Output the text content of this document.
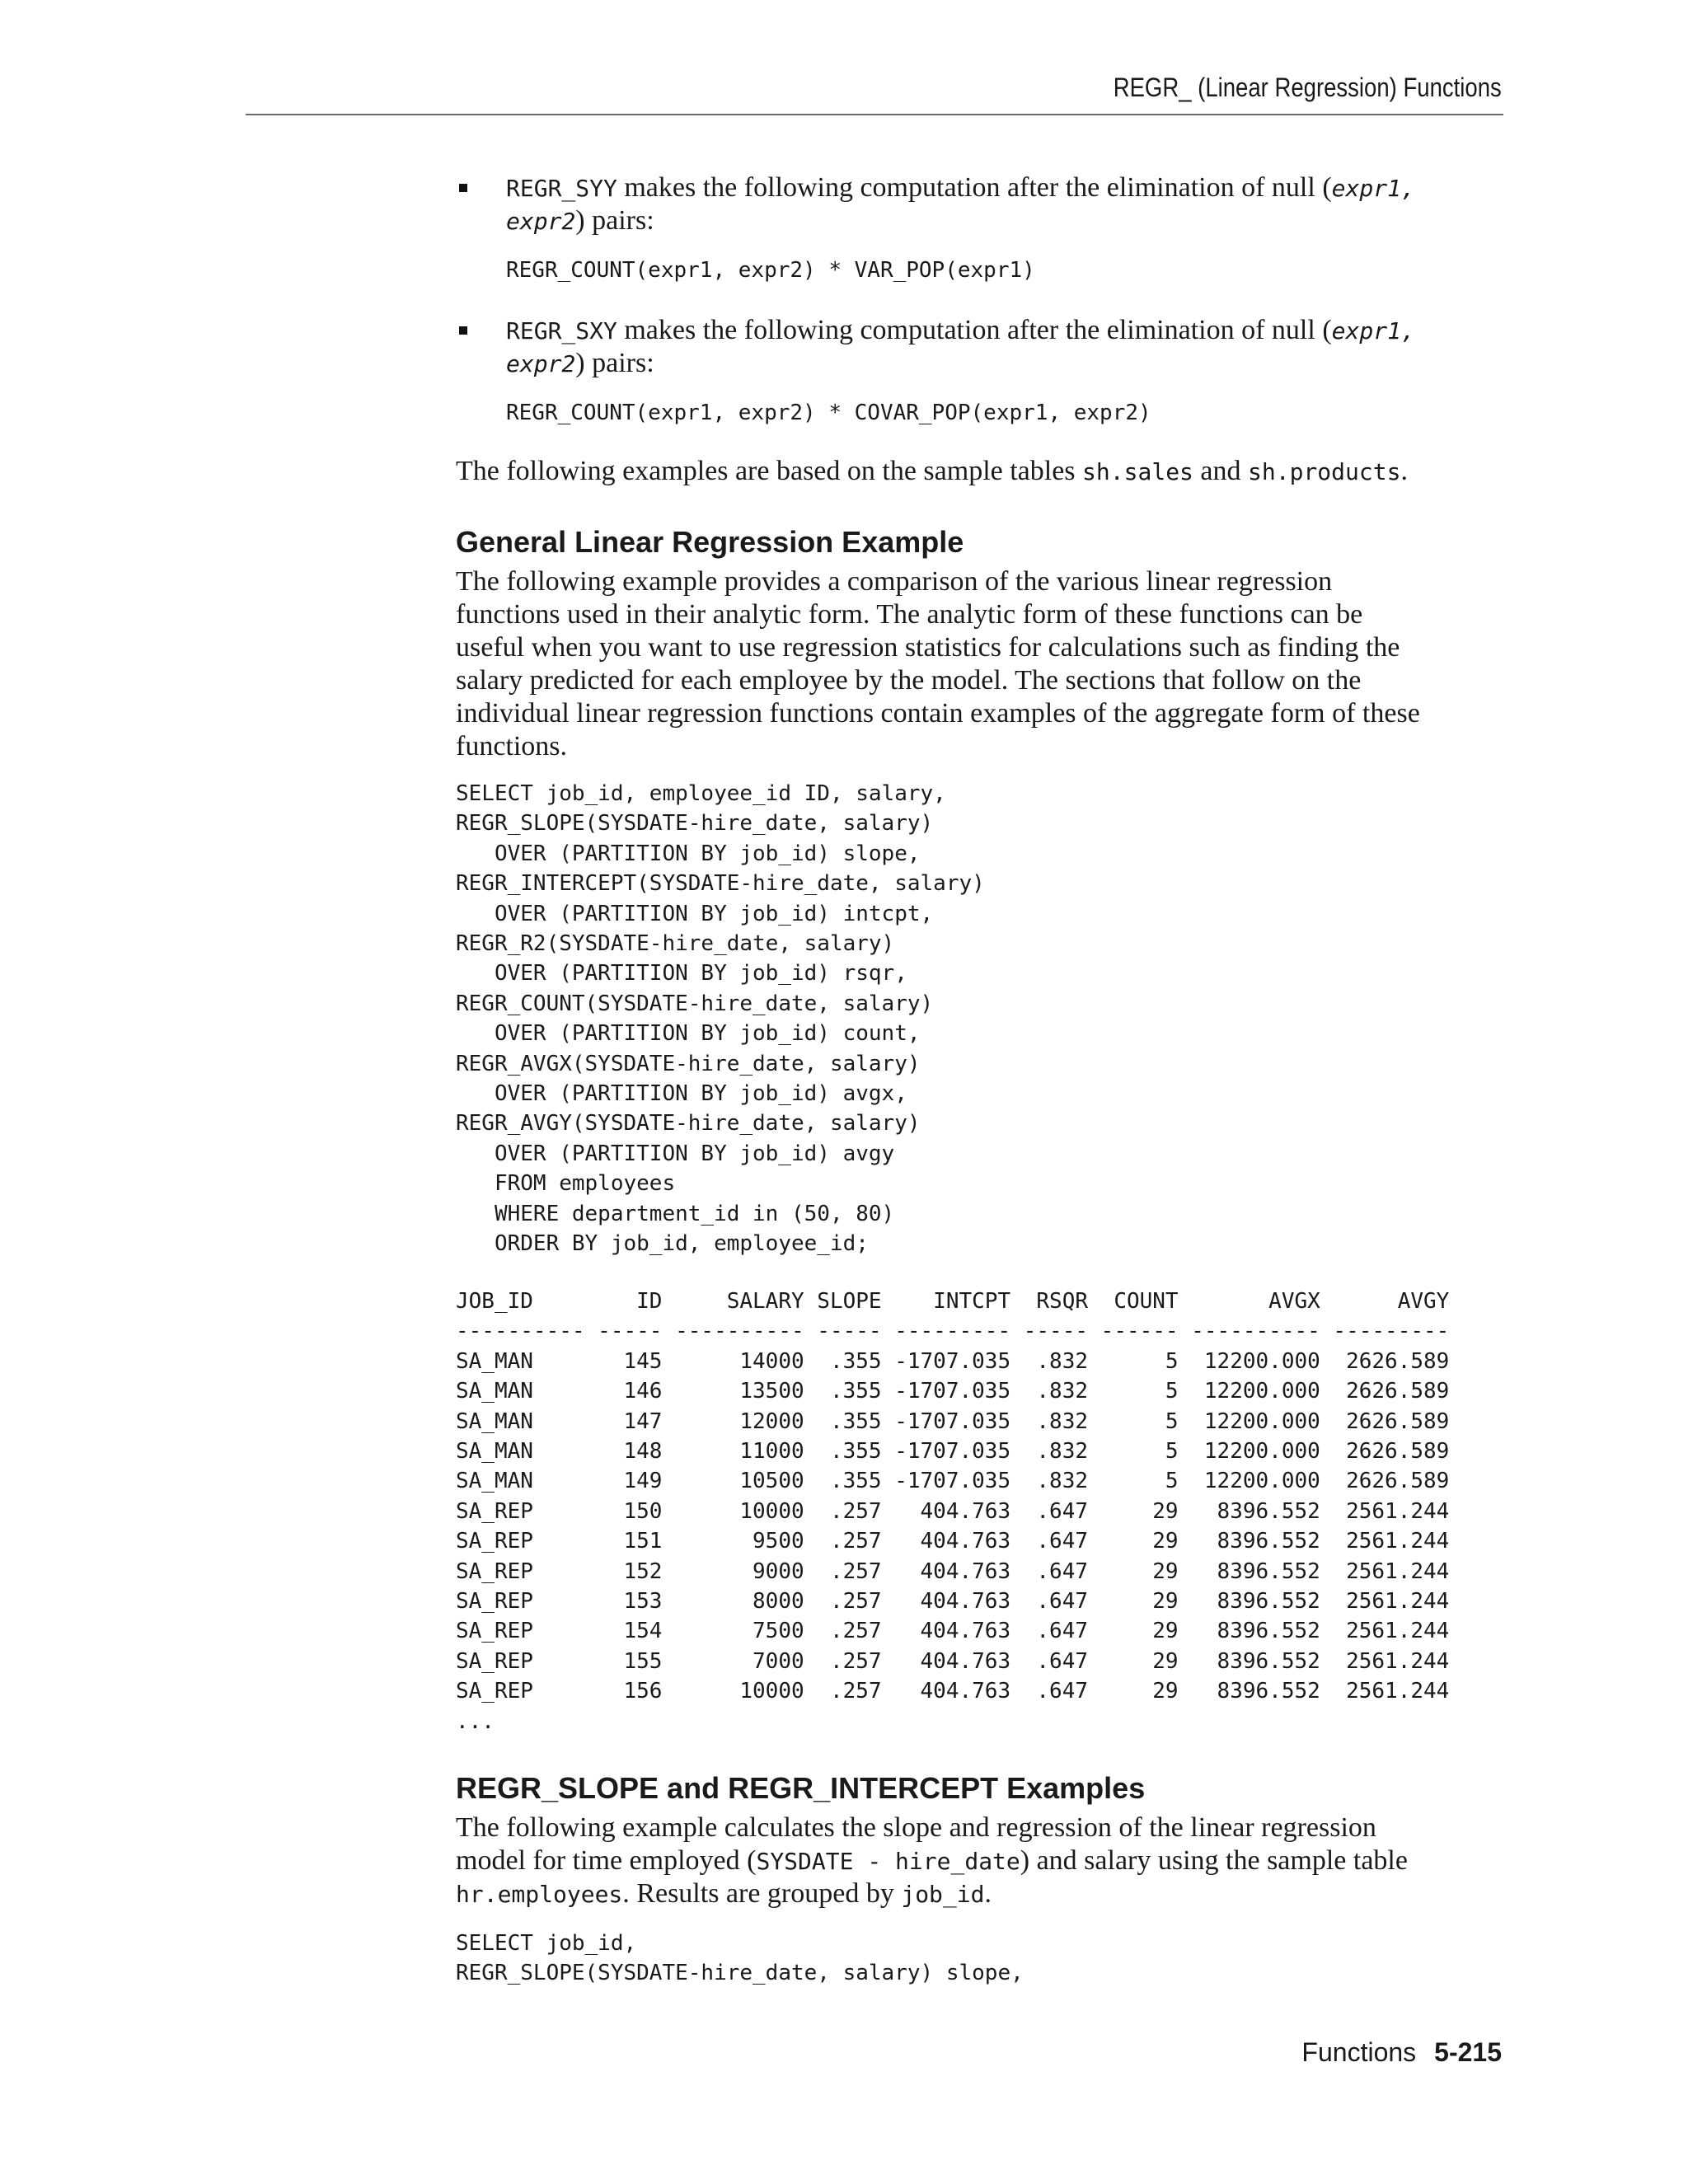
REGR_ (Linear Regression) Functions

REGR_SYY makes the following computation after the elimination of null (expr1,

expr2) pairs:

REGR_COUNT(expr1, expr2) * VAR_POP(expr1)

REGR_SXY makes the following computation after the elimination of null (expr1,

expr2) pairs:

REGR_COUNT(expr1, expr2) * COVAR_POP(expr1, expr2)

The following examples are based on the sample tables sh.sales and sh.products.

General Linear Regression Example

The following example provides a comparison of the various linear regression

functions used in their analytic form. The analytic form of these functions can be

useful when you want to use regression statistics for calculations such as finding the

salary predicted for each employee by the model. The sections that follow on the

individual linear regression functions contain examples of the aggregate form of these

functions.

SELECT job_id, employee_id ID, salary,
REGR_SLOPE(SYSDATE-hire_date, salary)
OVER (PARTITION BY job_id) slope,
REGR_INTERCEPT(SYSDATE-hire_date, salary)
OVER (PARTITION BY job_id) intcpt,
REGR_R2(SYSDATE-hire_date, salary)
OVER (PARTITION BY job_id) rsqr,
REGR_COUNT(SYSDATE-hire_date, salary)
OVER (PARTITION BY job_id) count,
REGR_AVGX(SYSDATE-hire_date, salary)
OVER (PARTITION BY job_id) avgx,
REGR_AVGY(SYSDATE-hire_date, salary)
OVER (PARTITION BY job_id) avgy
FROM employees
WHERE department_id in (50, 80)
ORDER BY job_id, employee_id;
JOB_ID        ID     SALARY SLOPE    INTCPT  RSQR  COUNT       AVGX      AVGY
---------- ----- ---------- ----- --------- ----- ------ ---------- ---------
SA_MAN       145      14000  .355 -1707.035  .832      5  12200.000  2626.589
SA_MAN       146      13500  .355 -1707.035  .832      5  12200.000  2626.589
SA_MAN       147      12000  .355 -1707.035  .832      5  12200.000  2626.589
SA_MAN       148      11000  .355 -1707.035  .832      5  12200.000  2626.589
SA_MAN       149      10500  .355 -1707.035  .832      5  12200.000  2626.589
SA_REP       150      10000  .257   404.763  .647     29   8396.552  2561.244
SA_REP       151       9500  .257   404.763  .647     29   8396.552  2561.244
SA_REP       152       9000  .257   404.763  .647     29   8396.552  2561.244
SA_REP       153       8000  .257   404.763  .647     29   8396.552  2561.244
SA_REP       154       7500  .257   404.763  .647     29   8396.552  2561.244
SA_REP       155       7000  .257   404.763  .647     29   8396.552  2561.244
SA_REP       156      10000  .257   404.763  .647     29   8396.552  2561.244
...
REGR_SLOPE and REGR_INTERCEPT Examples

The following example calculates the slope and regression of the linear regression

model for time employed (SYSDATE - hire_date) and salary using the sample table

hr.employees. Results are grouped by job_id.

SELECT job_id,
REGR_SLOPE(SYSDATE-hire_date, salary) slope,
Functions 5-215
